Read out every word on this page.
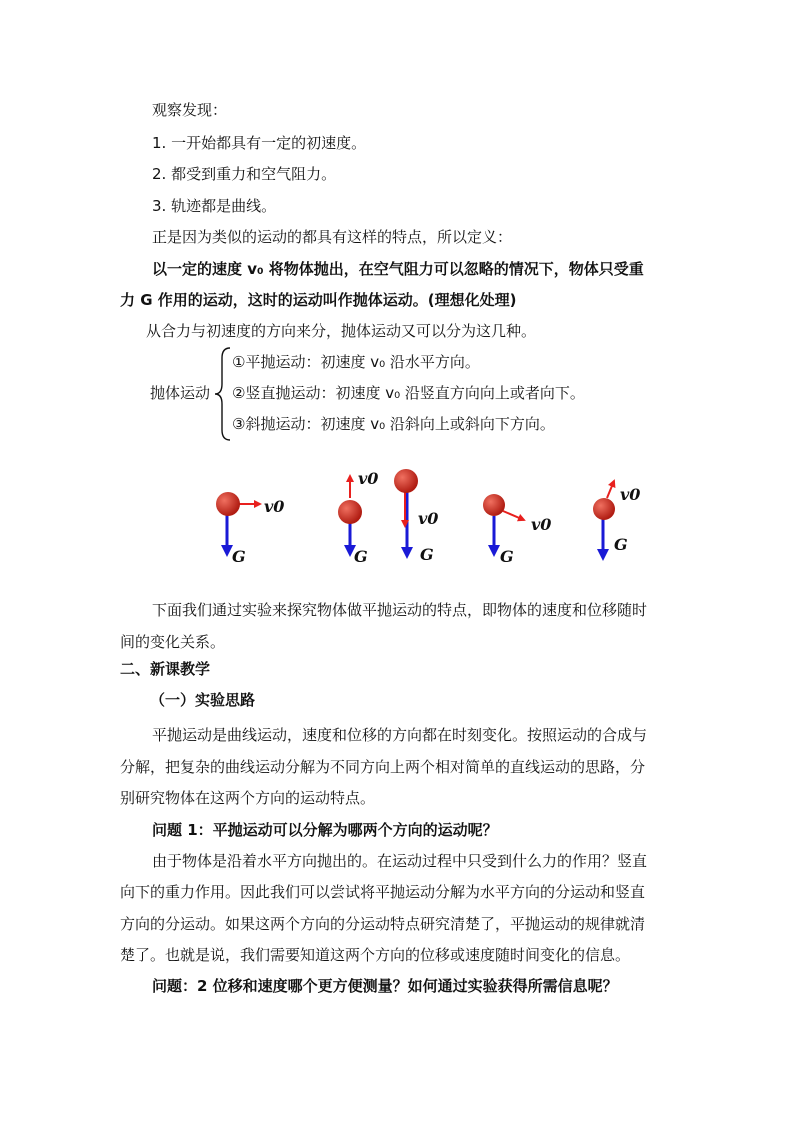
观察发现：
1. 一开始都具有一定的初速度。
2. 都受到重力和空气阻力。
3. 轨迹都是曲线。
正是因为类似的运动的都具有这样的特点，所以定义：
以一定的速度 v₀ 将物体抛出，在空气阻力可以忽略的情况下，物体只受重
力 G 作用的运动，这时的运动叫作抛体运动。(理想化处理)
从合力与初速度的方向来分，抛体运动又可以分为这几种。
抛体运动
①平抛运动：初速度 v₀ 沿水平方向。
②竖直抛运动：初速度 v₀ 沿竖直方向向上或者向下。
③斜抛运动：初速度 v₀ 沿斜向上或斜向下方向。
v0
G
v0
G
v0
G
v0
G
v0
G
下面我们通过实验来探究物体做平抛运动的特点，即物体的速度和位移随时
间的变化关系。
二、新课教学
（一）实验思路
平抛运动是曲线运动，速度和位移的方向都在时刻变化。按照运动的合成与
分解，把复杂的曲线运动分解为不同方向上两个相对简单的直线运动的思路，分
别研究物体在这两个方向的运动特点。
问题 1：平抛运动可以分解为哪两个方向的运动呢？
由于物体是沿着水平方向抛出的。在运动过程中只受到什么力的作用？竖直
向下的重力作用。因此我们可以尝试将平抛运动分解为水平方向的分运动和竖直
方向的分运动。如果这两个方向的分运动特点研究清楚了，平抛运动的规律就清
楚了。也就是说，我们需要知道这两个方向的位移或速度随时间变化的信息。
问题：2 位移和速度哪个更方便测量？如何通过实验获得所需信息呢？
